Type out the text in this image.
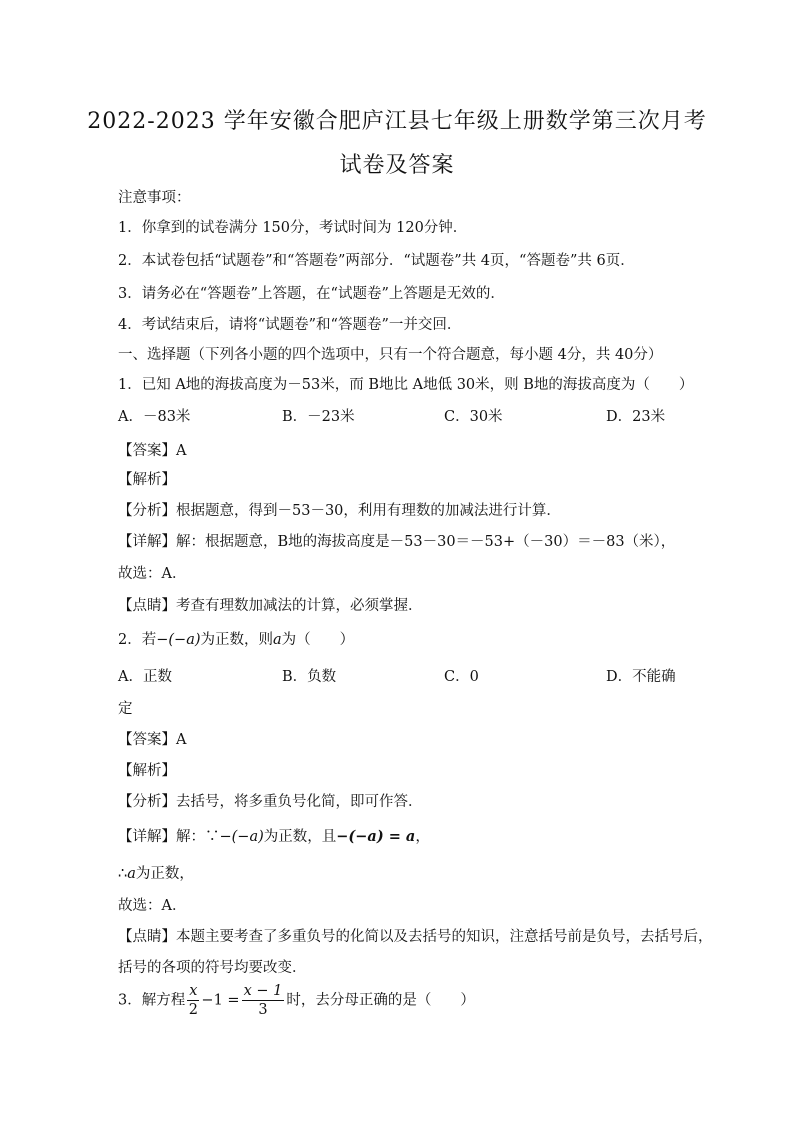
2022-2023 学年安徽合肥庐江县七年级上册数学第三次月考
试卷及答案
注意事项：
1．你拿到的试卷满分 150分，考试时间为 120分钟．
2．本试卷包括“试题卷”和“答题卷”两部分．“试题卷”共 4页，“答题卷”共 6页．
3．请务必在“答题卷”上答题，在“试题卷”上答题是无效的．
4．考试结束后，请将“试题卷”和“答题卷”一并交回．
一、选择题（下列各小题的四个选项中，只有一个符合题意，每小题 4分，共 40分）
1．已知 A地的海拔高度为－53米，而 B地比 A地低 30米，则 B地的海拔高度为（　　）
A．－83米	B．－23米	C．30米	D．23米
【答案】A
【解析】
【分析】根据题意，得到－53－30，利用有理数的加减法进行计算．
【详解】解：根据题意，B地的海拔高度是－53－30＝－53+（－30）＝－83（米），
故选：A．
【点睛】考查有理数加减法的计算，必须掌握．
2．若−(−a)为正数，则a为（　　）
A．正数	B．负数	C．0	D．不能确
定
【答案】A
【解析】
【分析】去括号，将多重负号化简，即可作答．
【详解】解：∵−(−a)为正数，且−(−a) = a，
∴a为正数，
故选：A．
【点睛】本题主要考查了多重负号的化简以及去括号的知识，注意括号前是负号，去括号后，
括号的各项的符号均要改变．
3．解方程 $\frac{x}{2} -1 = \frac{x - 1}{3}$ 时，去分母正确的是（　　）
